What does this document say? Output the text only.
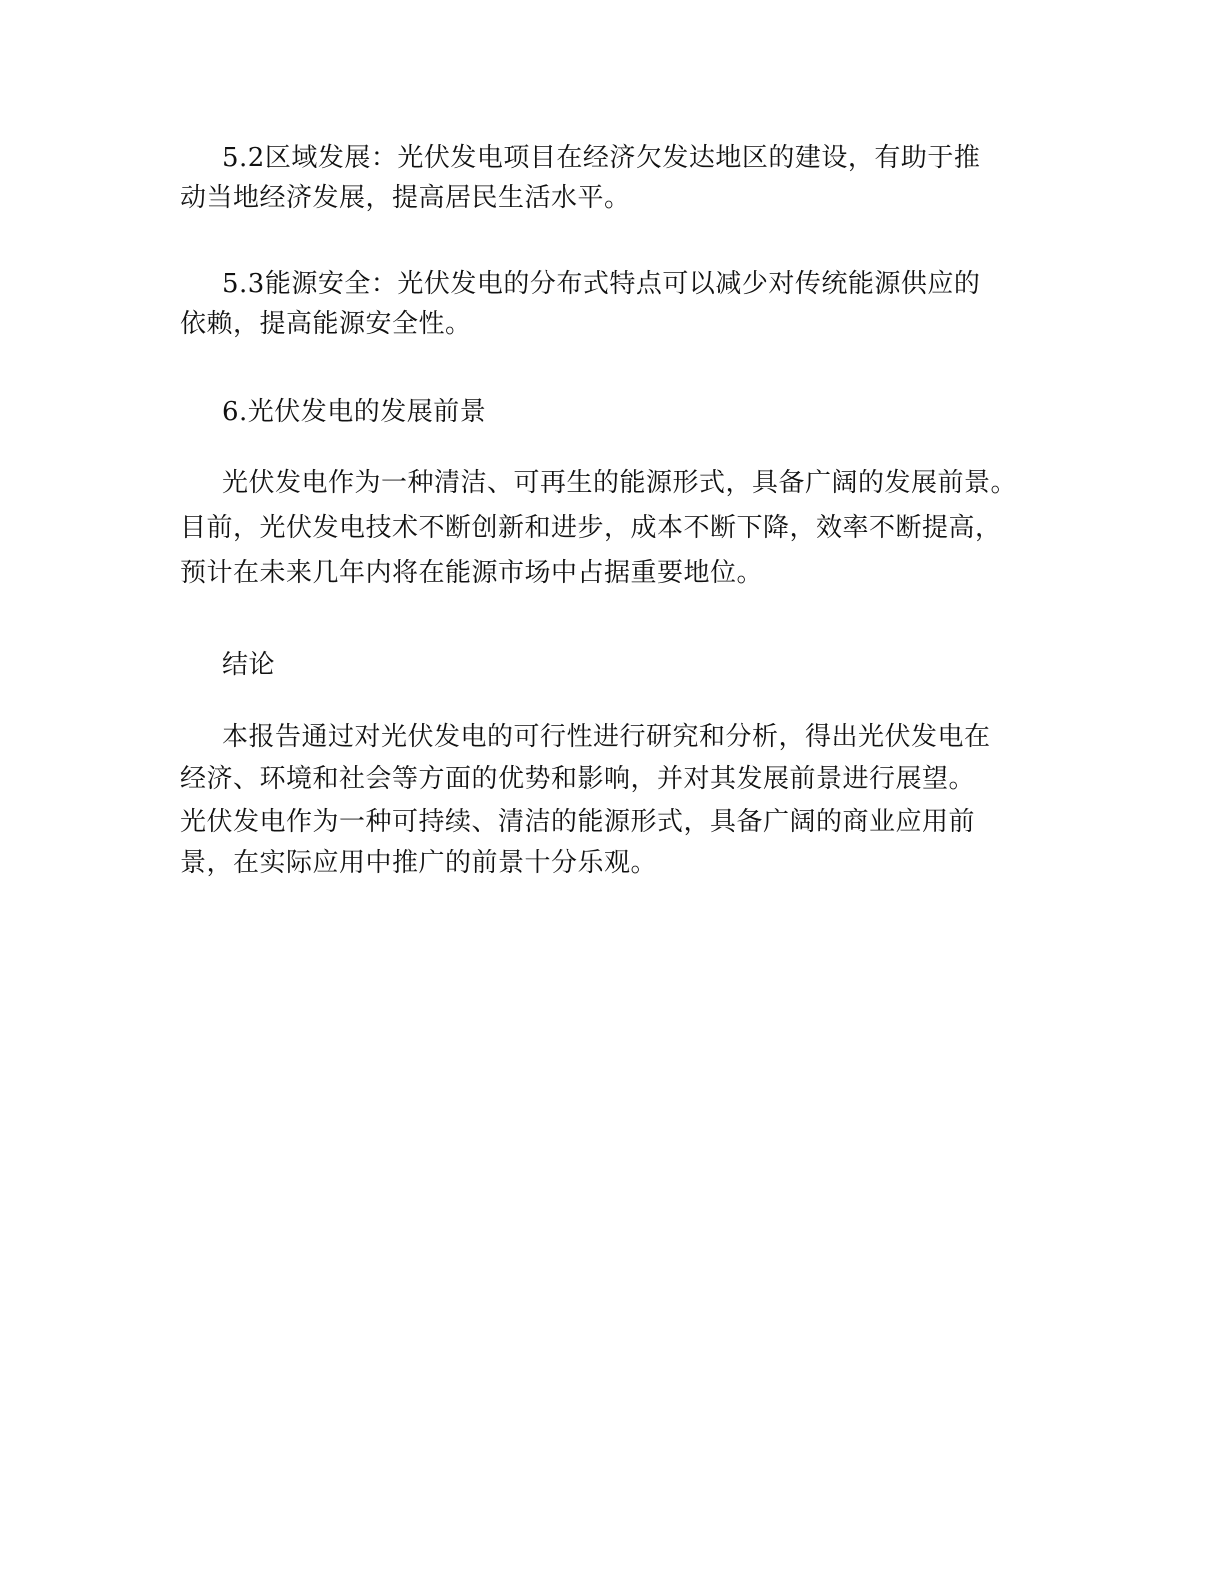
5.2区域发展：光伏发电项目在经济欠发达地区的建设，有助于推
动当地经济发展，提高居民生活水平。
5.3能源安全：光伏发电的分布式特点可以减少对传统能源供应的
依赖，提高能源安全性。
6.光伏发电的发展前景
光伏发电作为一种清洁、可再生的能源形式，具备广阔的发展前景。
目前，光伏发电技术不断创新和进步，成本不断下降，效率不断提高，
预计在未来几年内将在能源市场中占据重要地位。
结论
本报告通过对光伏发电的可行性进行研究和分析，得出光伏发电在
经济、环境和社会等方面的优势和影响，并对其发展前景进行展望。
光伏发电作为一种可持续、清洁的能源形式，具备广阔的商业应用前
景，在实际应用中推广的前景十分乐观。
